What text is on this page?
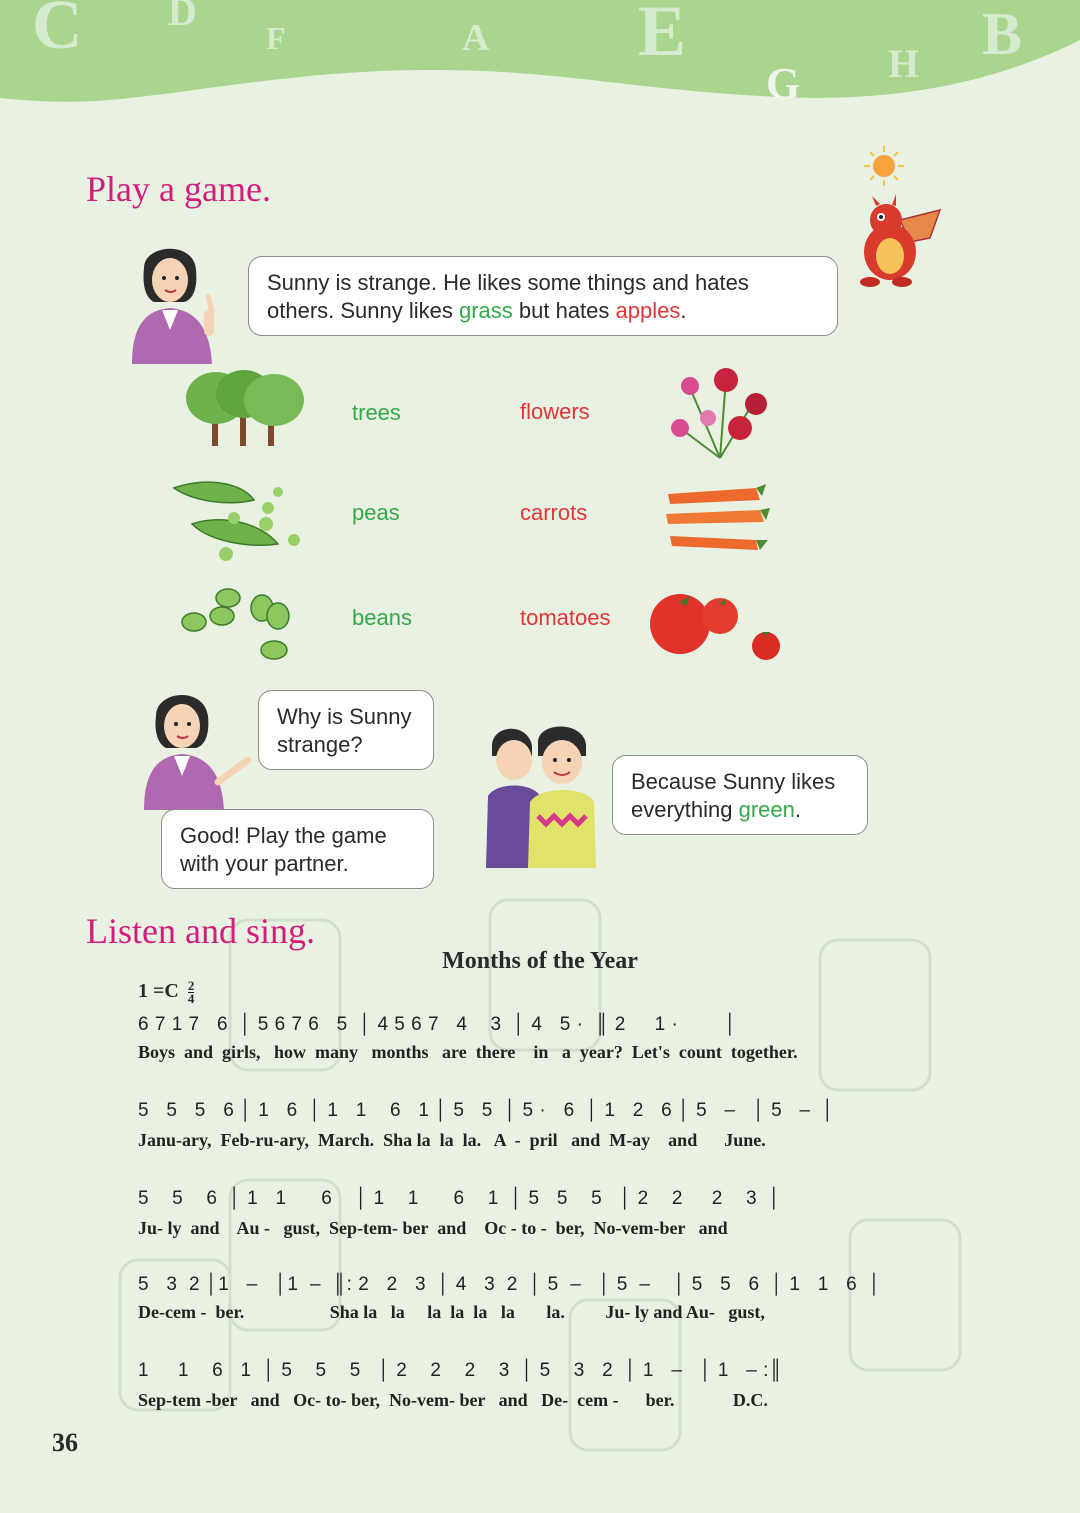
C D
F	A E
G H B
Play a game.
Sunny is strange. He likes some things and hates others. Sunny likes grass but hates apples.
trees	flowers
peas	carrots
beans	tomatoes
Why is Sunny strange?
Good! Play the game with your partner.
Because Sunny likes everything green.
Listen and sing.
Months of the Year
$1 =C \frac{2}{4}$
6 7 1 7   6  │ 5 6 7 6   5  │ 4 5 6 7   4    3  │ 4   5 ·  ║ 2     1 ·        │
Boys  and  girls,   how  many   months   are  there    in   a  year?  Let's  count  together.
5   5   5   6 │ 1   6  │ 1   1    6   1 │ 5   5  │ 5 ·   6  │ 1   2   6 │ 5   –   │ 5   –  │
Janu-ary,  Feb-ru-ary,  March.  Sha la  la  la.   A  -  pril   and  M-ay    and      June.
5    5    6  │ 1   1      6    │ 1    1      6    1  │ 5   5    5   │ 2    2     2    3  │
Ju- ly  and    Au -   gust,  Sep-tem- ber  and    Oc - to -  ber,  No-vem-ber   and
5   3  2 │1   –   │1  –  ║: 2   2   3  │ 4   3  2  │ 5  –   │ 5  –    │ 5   5   6  │ 1   1   6  │
De-cem -  ber.                   Sha la   la     la  la  la   la       la.         Ju- ly and Au-   gust,
1     1    6   1  │ 5    5    5   │ 2    2    2    3  │ 5    3   2  │ 1   –   │ 1   – :║
Sep-tem -ber   and   Oc- to- ber,  No-vem- ber   and   De-  cem -      ber.             D.C.
36
